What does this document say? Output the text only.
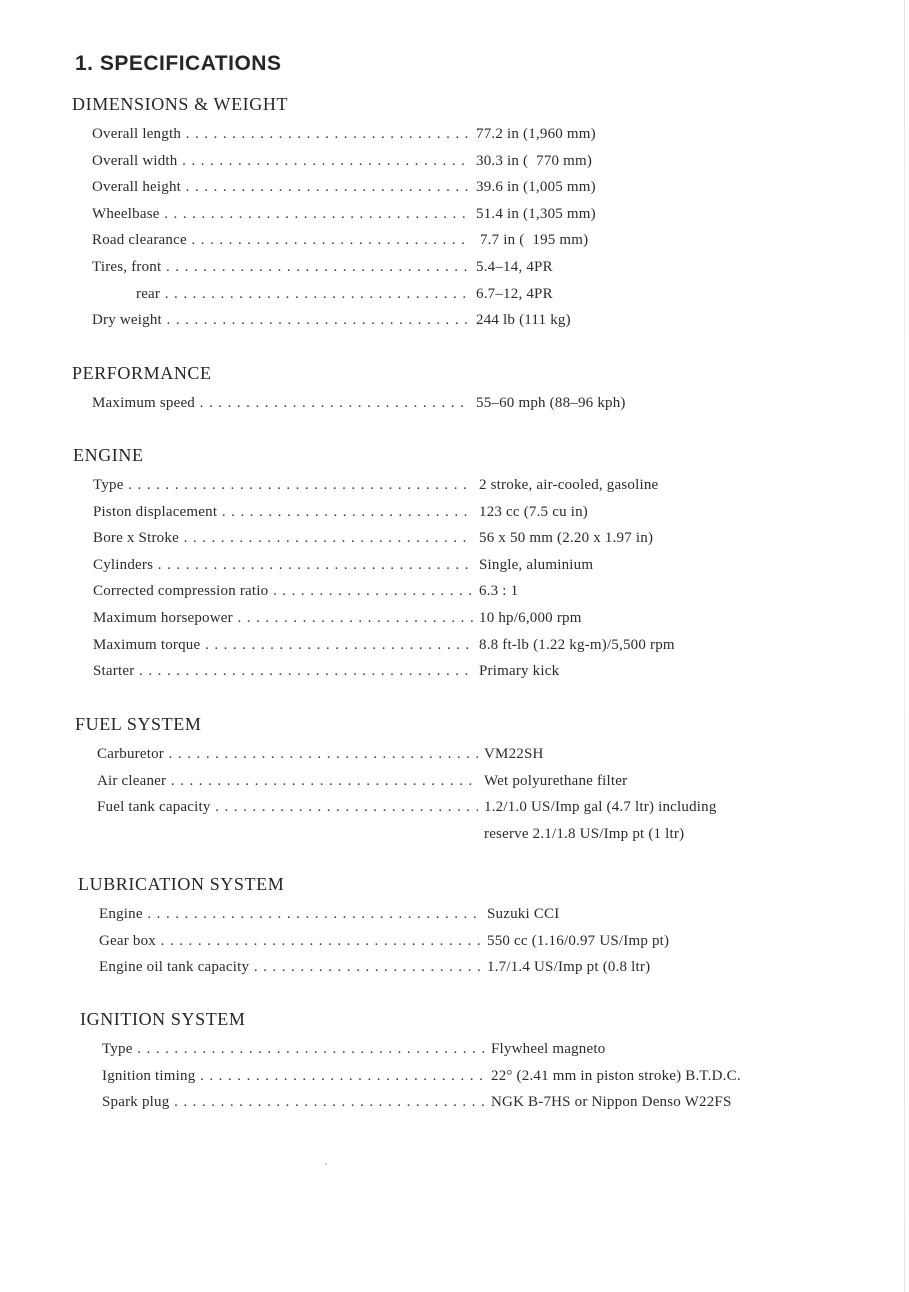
1. SPECIFICATIONS
DIMENSIONS & WEIGHT
Overall length . . .	77.2 in (1,960 mm)
Overall width . . .	30.3 in (  770 mm)
Overall height . . .	39.6 in (1,005 mm)
Wheelbase . . .	51.4 in (1,305 mm)
Road clearance . . .	7.7 in (  195 mm)
Tires, front . . .	5.4–14, 4PR
rear . . .	6.7–12, 4PR
Dry weight . . .	244 lb (111 kg)
PERFORMANCE
Maximum speed . . .	55–60 mph (88–96 kph)
ENGINE
Type . . .	2 stroke, air-cooled, gasoline
Piston displacement . . .	123 cc (7.5 cu in)
Bore x Stroke . . .	56 x 50 mm (2.20 x 1.97 in)
Cylinders . . .	Single, aluminium
Corrected compression ratio . . .	6.3 : 1
Maximum horsepower . . .	10 hp/6,000 rpm
Maximum torque . . .	8.8 ft-lb (1.22 kg-m)/5,500 rpm
Starter . . .	Primary kick
FUEL SYSTEM
Carburetor . . .	VM22SH
Air cleaner . . .	Wet polyurethane filter
Fuel tank capacity . . .	1.2/1.0 US/Imp gal (4.7 ltr) including
reserve 2.1/1.8 US/Imp pt (1 ltr)
LUBRICATION SYSTEM
Engine . . .	Suzuki CCI
Gear box . . .	550 cc (1.16/0.97 US/Imp pt)
Engine oil tank capacity . . .	1.7/1.4 US/Imp pt (0.8 ltr)
IGNITION SYSTEM
Type . . .	Flywheel magneto
Ignition timing . . .	22° (2.41 mm in piston stroke) B.T.D.C.
Spark plug . . .	NGK B-7HS or Nippon Denso W22FS
